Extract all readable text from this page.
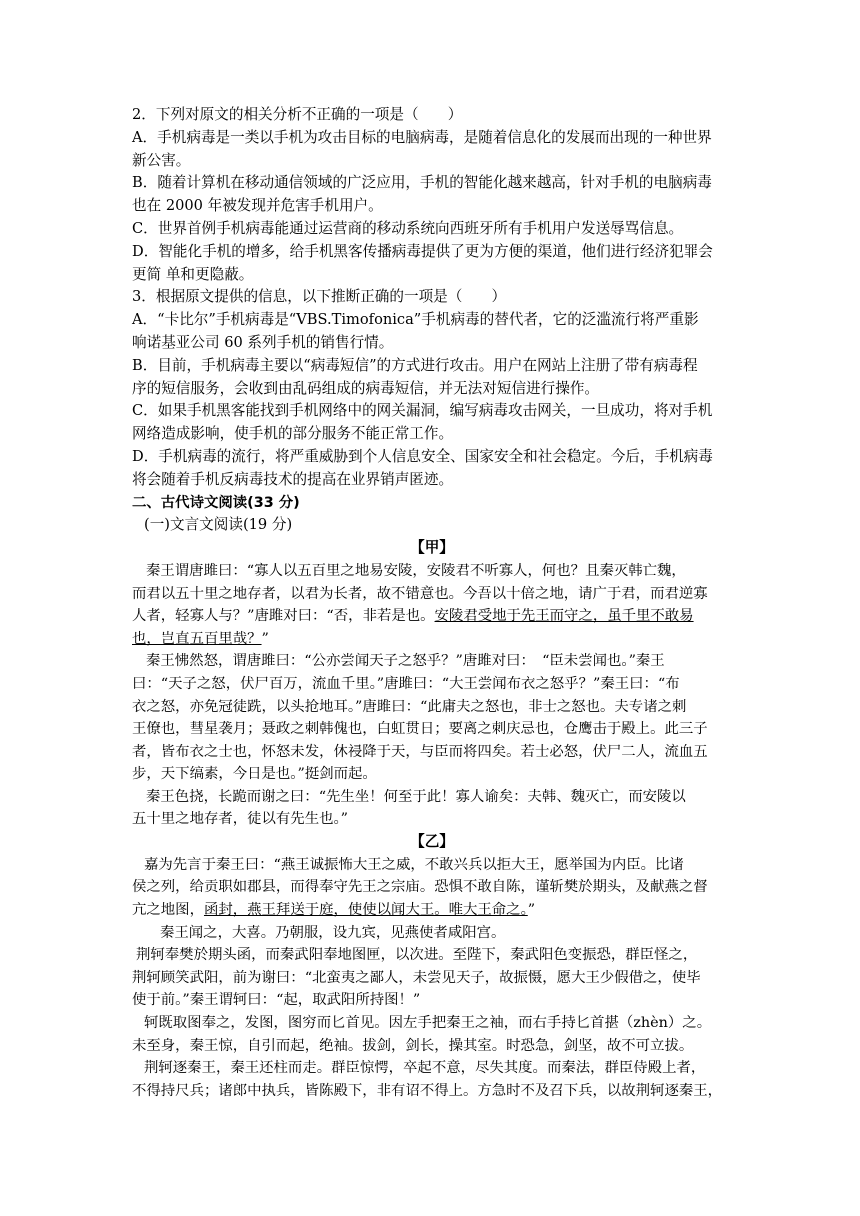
2．下列对原文的相关分析不正确的一项是（　　）
A．手机病毒是一类以手机为攻击目标的电脑病毒，是随着信息化的发展而出现的一种世界
新公害。
B．随着计算机在移动通信领域的广泛应用，手机的智能化越来越高，针对手机的电脑病毒
也在 2000 年被发现并危害手机用户。
C．世界首例手机病毒能通过运营商的移动系统向西班牙所有手机用户发送辱骂信息。
D．智能化手机的增多，给手机黑客传播病毒提供了更为方便的渠道，他们进行经济犯罪会
更简 单和更隐蔽。
3．根据原文提供的信息，以下推断正确的一项是（　　）
A．“卡比尔”手机病毒是“VBS.Timofonica”手机病毒的替代者，它的泛滥流行将严重影
响诺基亚公司 60 系列手机的销售行情。
B．目前，手机病毒主要以“病毒短信”的方式进行攻击。用户在网站上注册了带有病毒程
序的短信服务，会收到由乱码组成的病毒短信，并无法对短信进行操作。
C．如果手机黑客能找到手机网络中的网关漏洞，编写病毒攻击网关，一旦成功，将对手机
网络造成影响，使手机的部分服务不能正常工作。
D．手机病毒的流行，将严重威胁到个人信息安全、国家安全和社会稳定。今后，手机病毒
将会随着手机反病毒技术的提高在业界销声匿迹。
二、古代诗文阅读(33 分)
(一)文言文阅读(19 分)
【甲】
秦王谓唐雎曰：“寡人以五百里之地易安陵，安陵君不听寡人，何也？且秦灭韩亡魏，
而君以五十里之地存者，以君为长者，故不错意也。今吾以十倍之地，请广于君，而君逆寡
人者，轻寡人与？”唐雎对曰：“否，非若是也。安陵君受地于先王而守之，虽千里不敢易
也，岂直五百里哉？”
秦王怫然怒，谓唐雎曰：“公亦尝闻天子之怒乎？”唐雎对曰：　“臣未尝闻也。”秦王
曰：“天子之怒，伏尸百万，流血千里。”唐雎曰：“大王尝闻布衣之怒乎？”秦王曰：“布
衣之怒，亦免冠徒跣，以头抢地耳。”唐雎曰：“此庸夫之怒也，非士之怒也。夫专诸之刺
王僚也，彗星袭月；聂政之刺韩傀也，白虹贯日；要离之刺庆忌也，仓鹰击于殿上。此三子
者，皆布衣之士也，怀怒未发，休祲降于天，与臣而将四矣。若士必怒，伏尸二人，流血五
步，天下缟素，今日是也。”挺剑而起。
秦王色挠，长跪而谢之曰：“先生坐！何至于此！寡人谕矣：夫韩、魏灭亡，而安陵以
五十里之地存者，徒以有先生也。”
【乙】
嘉为先言于秦王曰：“燕王诚振怖大王之威，不敢兴兵以拒大王，愿举国为内臣。比诸
侯之列，给贡职如郡县，而得奉守先王之宗庙。恐惧不敢自陈，谨斩樊於期头，及献燕之督
亢之地图，函封，燕王拜送于庭，使使以闻大王。唯大王命之。”
秦王闻之，大喜。乃朝服，设九宾，见燕使者咸阳宫。
荆轲奉樊於期头函，而秦武阳奉地图匣，以次进。至陛下，秦武阳色变振恐，群臣怪之，
荆轲顾笑武阳，前为谢曰：“北蛮夷之鄙人，未尝见天子，故振慑，愿大王少假借之，使毕
使于前。”秦王谓轲曰：“起，取武阳所持图！”
轲既取图奉之，发图，图穷而匕首见。因左手把秦王之袖，而右手持匕首揕（zhèn）之。
未至身，秦王惊，自引而起，绝袖。拔剑，剑长，操其室。时恐急，剑坚，故不可立拔。
荆轲逐秦王，秦王还柱而走。群臣惊愕，卒起不意，尽失其度。而秦法，群臣侍殿上者，
不得持尺兵；诸郎中执兵，皆陈殿下，非有诏不得上。方急时不及召下兵，以故荆轲逐秦王，
